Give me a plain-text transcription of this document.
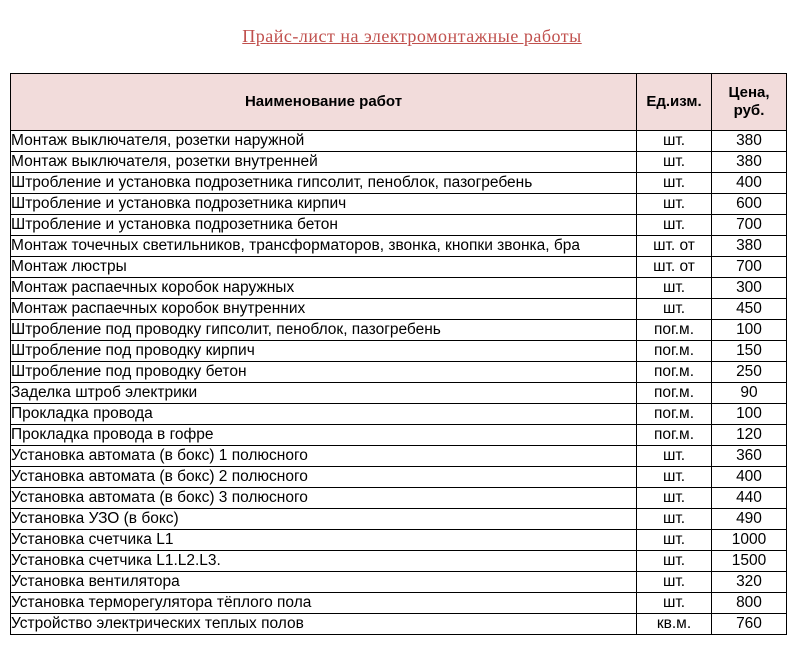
Прайс-лист на электромонтажные работы
Наименование работ	Ед.изм.	Цена, руб.
Монтаж выключателя, розетки наружной	шт.	380
Монтаж выключателя, розетки внутренней	шт.	380
Штробление и установка подрозетника гипсолит, пеноблок, пазогребень	шт.	400
Штробление и установка подрозетника кирпич	шт.	600
Штробление и установка подрозетника бетон	шт.	700
Монтаж точечных светильников, трансформаторов, звонка, кнопки звонка, бра	шт. от	380
Монтаж люстры	шт. от	700
Монтаж распаечных коробок наружных	шт.	300
Монтаж распаечных коробок внутренних	шт.	450
Штробление под проводку гипсолит, пеноблок, пазогребень	пог.м.	100
Штробление под проводку кирпич	пог.м.	150
Штробление под проводку бетон	пог.м.	250
Заделка штроб электрики	пог.м.	90
Прокладка провода	пог.м.	100
Прокладка провода в гофре	пог.м.	120
Установка автомата (в бокс) 1 полюсного	шт.	360
Установка автомата (в бокс) 2 полюсного	шт.	400
Установка автомата (в бокс) 3 полюсного	шт.	440
Установка УЗО (в бокс)	шт.	490
Установка счетчика L1	шт.	1000
Установка счетчика L1.L2.L3.	шт.	1500
Установка вентилятора	шт.	320
Установка терморегулятора тёплого пола	шт.	800
Устройство электрических теплых полов	кв.м.	760
